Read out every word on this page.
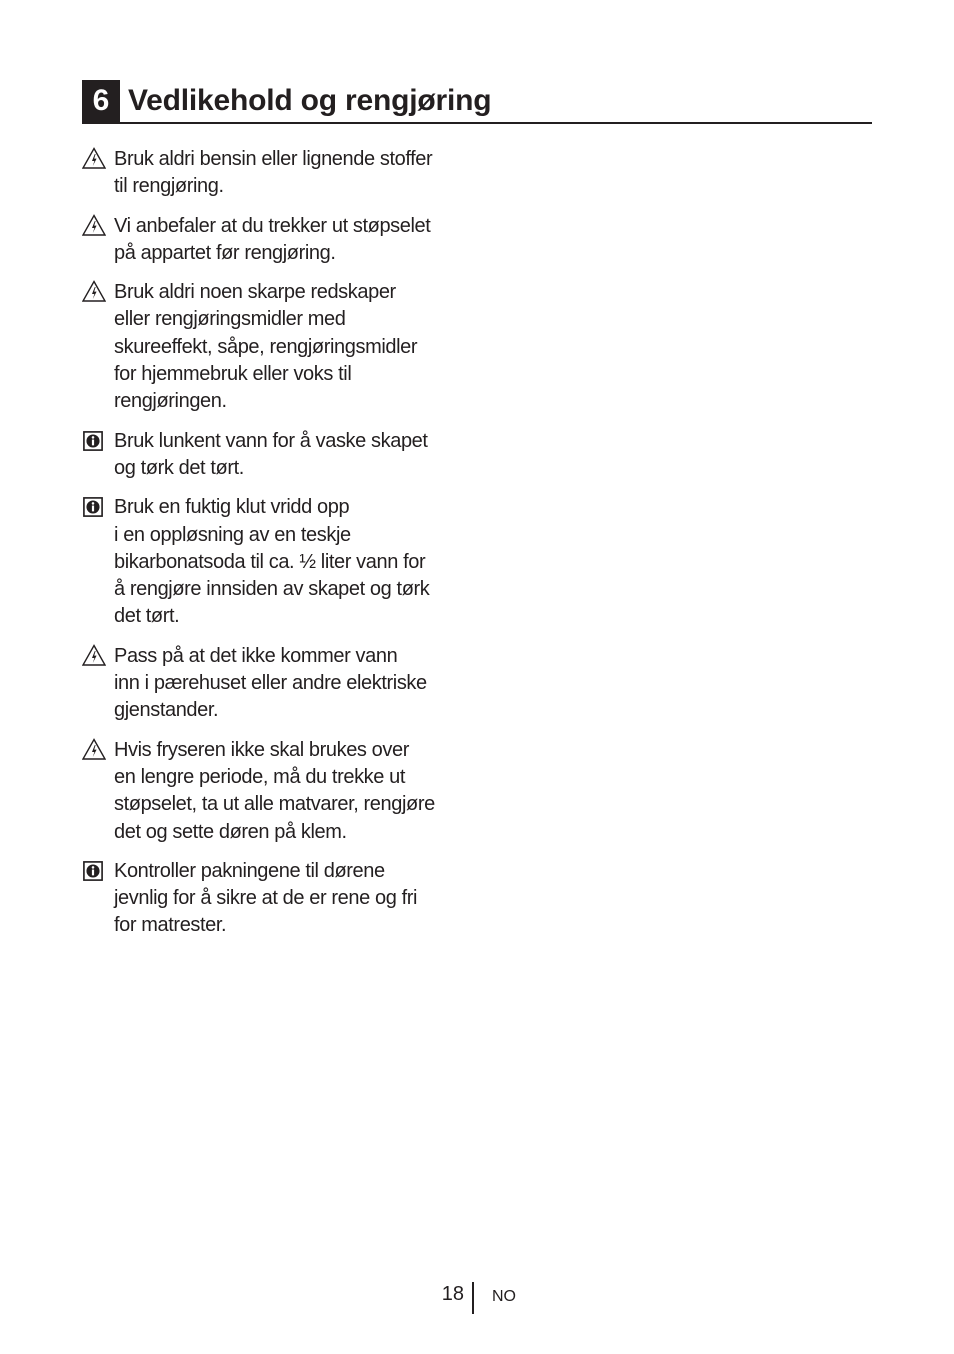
6 Vedlikehold og rengjøring
Bruk aldri bensin eller lignende stoffer
til rengjøring.
Vi anbefaler at du trekker ut støpselet
på appartet før rengjøring.
Bruk aldri noen skarpe redskaper
eller rengjøringsmidler med
skureeffekt, såpe, rengjøringsmidler
for hjemmebruk eller voks til
rengjøringen.
Bruk lunkent vann for å vaske skapet
og tørk det tørt.
Bruk en fuktig klut vridd opp
i en oppløsning av en teskje
bikarbonatsoda til ca. ½ liter vann for
å rengjøre innsiden av skapet og tørk
det tørt.
Pass på at det ikke kommer vann
inn i pærehuset eller andre elektriske
gjenstander.
Hvis fryseren ikke skal brukes over
en lengre periode, må du trekke ut
støpselet, ta ut alle matvarer, rengjøre
det og sette døren på klem.
Kontroller pakningene til dørene
jevnlig for å sikre at de er rene og fri
for matrester.
18 NO
